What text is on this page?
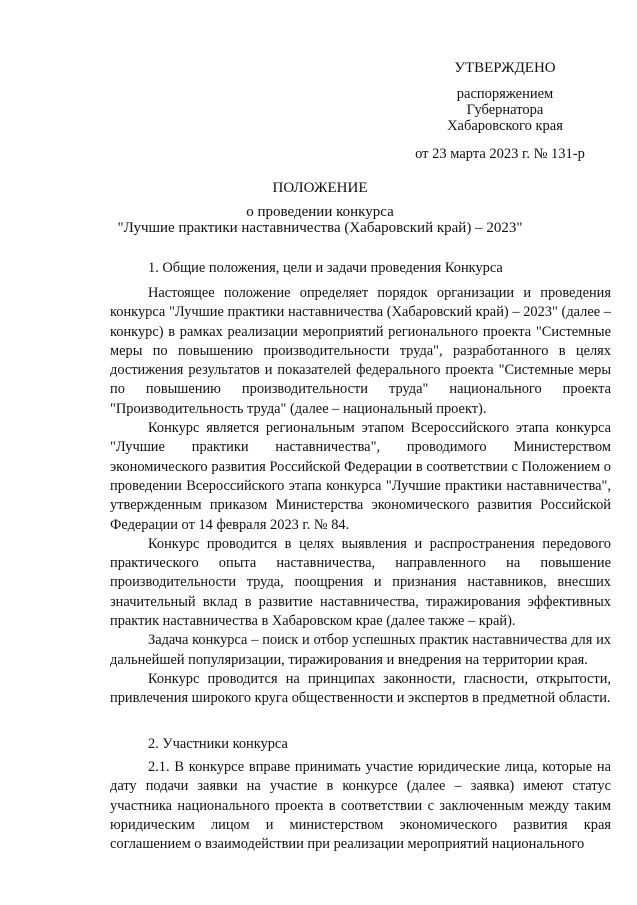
УТВЕРЖДЕНО
распоряжением
Губернатора
Хабаровского края
от 23 марта 2023 г. № 131-р
ПОЛОЖЕНИЕ
о проведении конкурса
"Лучшие практики наставничества (Хабаровский край) – 2023"
1. Общие положения, цели и задачи проведения Конкурса

Настоящее положение определяет порядок организации и проведения конкурса "Лучшие практики наставничества (Хабаровский край) – 2023" (далее – конкурс) в рамках реализации мероприятий регионального проекта "Системные меры по повышению производительности труда", разработанного в целях достижения результатов и показателей федерального проекта "Системные меры по повышению производительности труда" национального проекта "Производительность труда" (далее – национальный проект).

Конкурс является региональным этапом Всероссийского этапа конкурса "Лучшие практики наставничества", проводимого Министерством экономического развития Российской Федерации в соответствии с Положением о проведении Всероссийского этапа конкурса "Лучшие практики наставничества", утвержденным приказом Министерства экономического развития Российской Федерации от 14 февраля 2023 г. № 84.

Конкурс проводится в целях выявления и распространения передового практического опыта наставничества, направленного на повышение производительности труда, поощрения и признания наставников, внесших значительный вклад в развитие наставничества, тиражирования эффективных практик наставничества в Хабаровском крае (далее также – край).

Задача конкурса – поиск и отбор успешных практик наставничества для их дальнейшей популяризации, тиражирования и внедрения на территории края.

Конкурс проводится на принципах законности, гласности, открытости, привлечения широкого круга общественности и экспертов в предметной области.

2. Участники конкурса

2.1. В конкурсе вправе принимать участие юридические лица, которые на дату подачи заявки на участие в конкурсе (далее – заявка) имеют статус участника национального проекта в соответствии с заключенным между таким юридическим лицом и министерством экономического развития края соглашением о взаимодействии при реализации мероприятий национального
